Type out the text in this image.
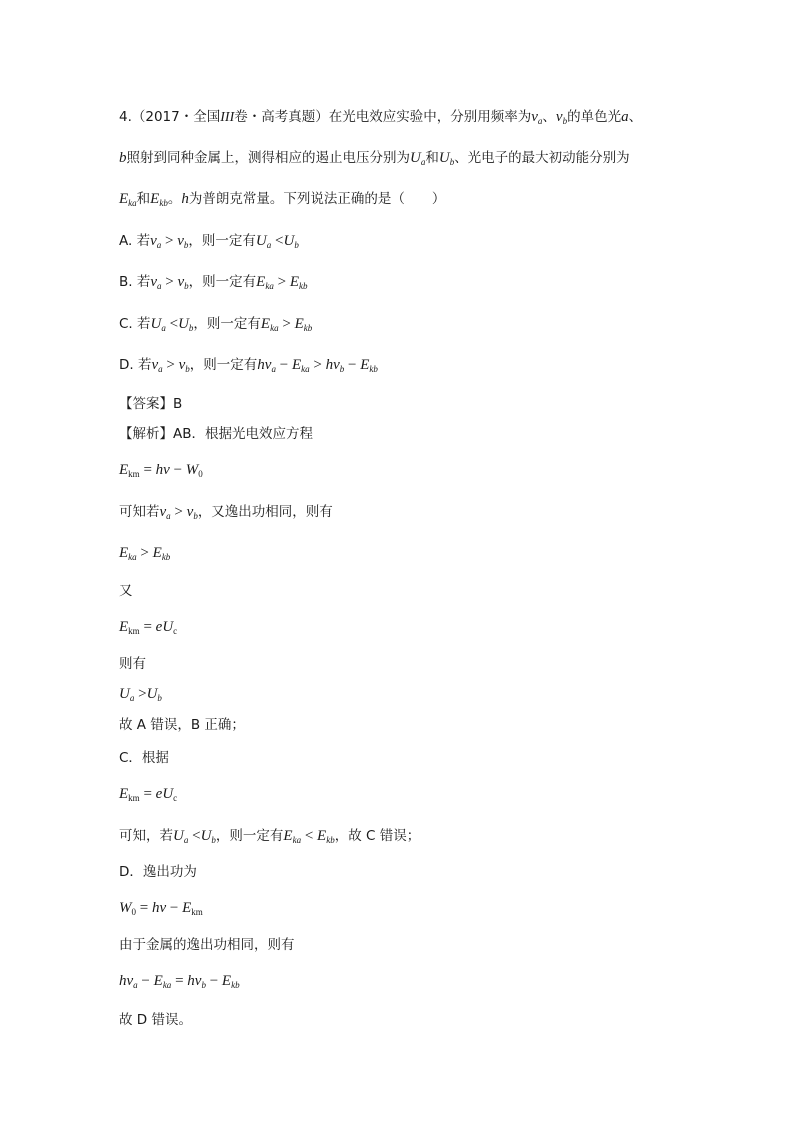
4.（2017・全国III卷・高考真题）在光电效应实验中，分别用频率为$\nu_a$、$\nu_b$的单色光a、
b照射到同种金属上，测得相应的遏止电压分别为$U_a$和$U_b$、光电子的最大初动能分别为
$E_{ka}$和$E_{kb}$。h为普朗克常量。下列说法正确的是（　　）
A. 若$\nu_a > \nu_b$，则一定有$U_a <U_b$
B. 若$\nu_a > \nu_b$，则一定有$E_{ka} > E_{kb}$
C. 若$U_a <U_b$，则一定有$E_{ka} > E_{kb}$
D. 若$\nu_a > \nu_b$，则一定有$h\nu_a - E_{ka} > h\nu_b - E_{kb}$
【答案】B
【解析】AB．根据光电效应方程
$E_{km} = h\nu - W_0$
可知若$\nu_a > \nu_b$，又逸出功相同，则有
$E_{ka} > E_{kb}$
又
$E_{km} = eU_c$
则有
$U_a >U_b$
故 A 错误，B 正确；
C．根据
$E_{km} = eU_c$
可知，若$U_a <U_b$，则一定有$E_{ka} < E_{kb}$，故 C 错误；
D．逸出功为
$W_0 = h\nu - E_{km}$
由于金属的逸出功相同，则有
$h\nu_a - E_{ka} = h\nu_b - E_{kb}$
故 D 错误。
